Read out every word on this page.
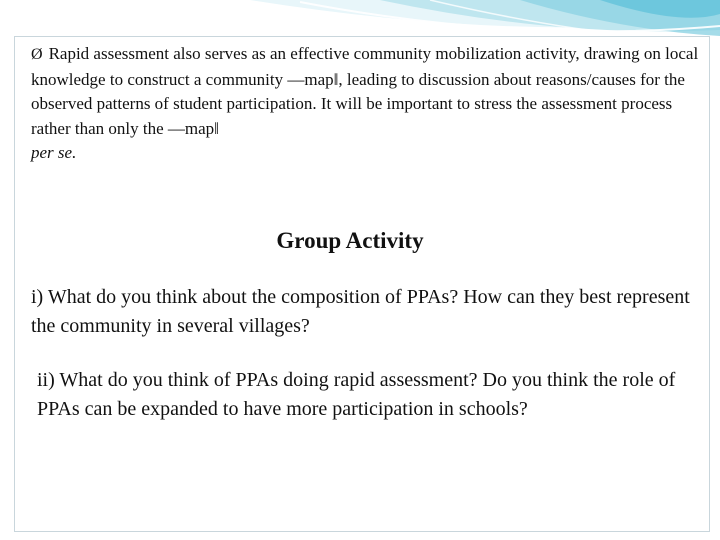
Ø Rapid assessment also serves as an effective community mobilization activity, drawing on local knowledge to construct a community ―map‖, leading to discussion about reasons/causes for the observed patterns of student participation. It will be important to stress the assessment process rather than only the ―map‖
per se.
Group Activity
i) What do you think about the composition of PPAs? How can they best represent the community in several villages?
ii) What do you think of PPAs doing rapid assessment? Do you think the role of PPAs can be expanded to have more participation in schools?
